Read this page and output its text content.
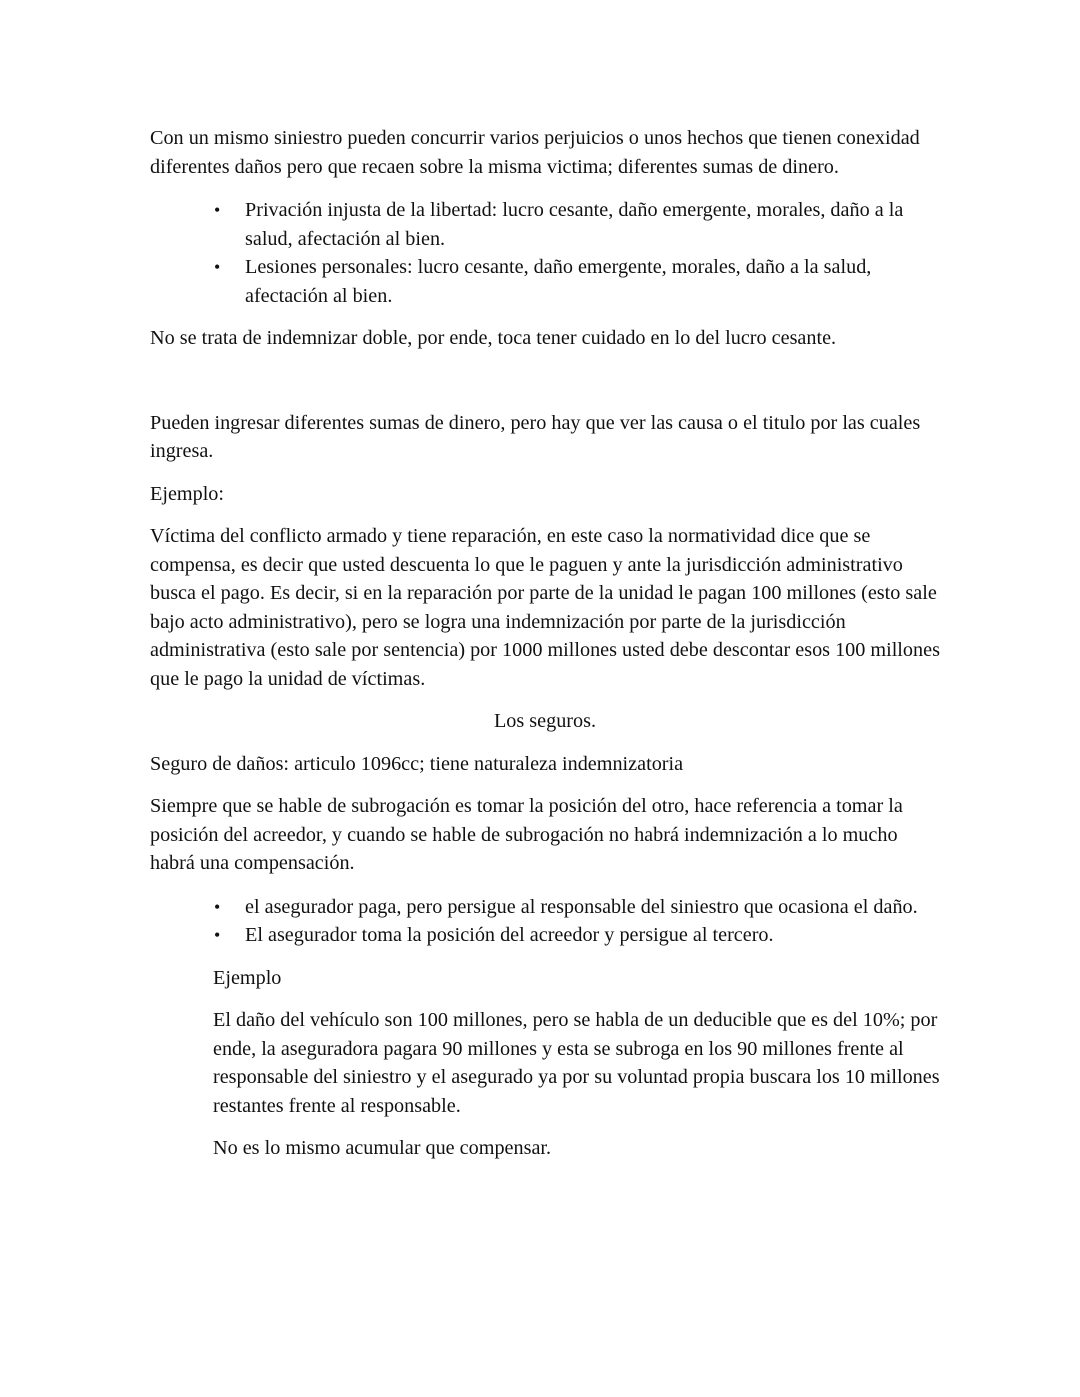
Con un mismo siniestro pueden concurrir varios perjuicios o unos hechos que tienen conexidad diferentes daños pero que recaen sobre la misma victima; diferentes sumas de dinero.

• Privación injusta de la libertad: lucro cesante, daño emergente, morales, daño a la salud, afectación al bien.
• Lesiones personales: lucro cesante, daño emergente, morales, daño a la salud, afectación al bien.

No se trata de indemnizar doble, por ende, toca tener cuidado en lo del lucro cesante.

Pueden ingresar diferentes sumas de dinero, pero hay que ver las causa o el titulo por las cuales ingresa.

Ejemplo:

Víctima del conflicto armado y tiene reparación, en este caso la normatividad dice que se compensa, es decir que usted descuenta lo que le paguen y ante la jurisdicción administrativo busca el pago. Es decir, si en la reparación por parte de la unidad le pagan 100 millones (esto sale bajo acto administrativo), pero se logra una indemnización por parte de la jurisdicción administrativa (esto sale por sentencia) por 1000 millones usted debe descontar esos 100 millones que le pago la unidad de víctimas.

Los seguros.

Seguro de daños: articulo 1096cc; tiene naturaleza indemnizatoria

Siempre que se hable de subrogación es tomar la posición del otro, hace referencia a tomar la posición del acreedor, y cuando se hable de subrogación no habrá indemnización a lo mucho habrá una compensación.

• el asegurador paga, pero persigue al responsable del siniestro que ocasiona el daño.
• El asegurador toma la posición del acreedor y persigue al tercero.

Ejemplo

El daño del vehículo son 100 millones, pero se habla de un deducible que es del 10%; por ende, la aseguradora pagara 90 millones y esta se subroga en los 90 millones frente al responsable del siniestro y el asegurado ya por su voluntad propia buscara los 10 millones restantes frente al responsable.

No es lo mismo acumular que compensar.
